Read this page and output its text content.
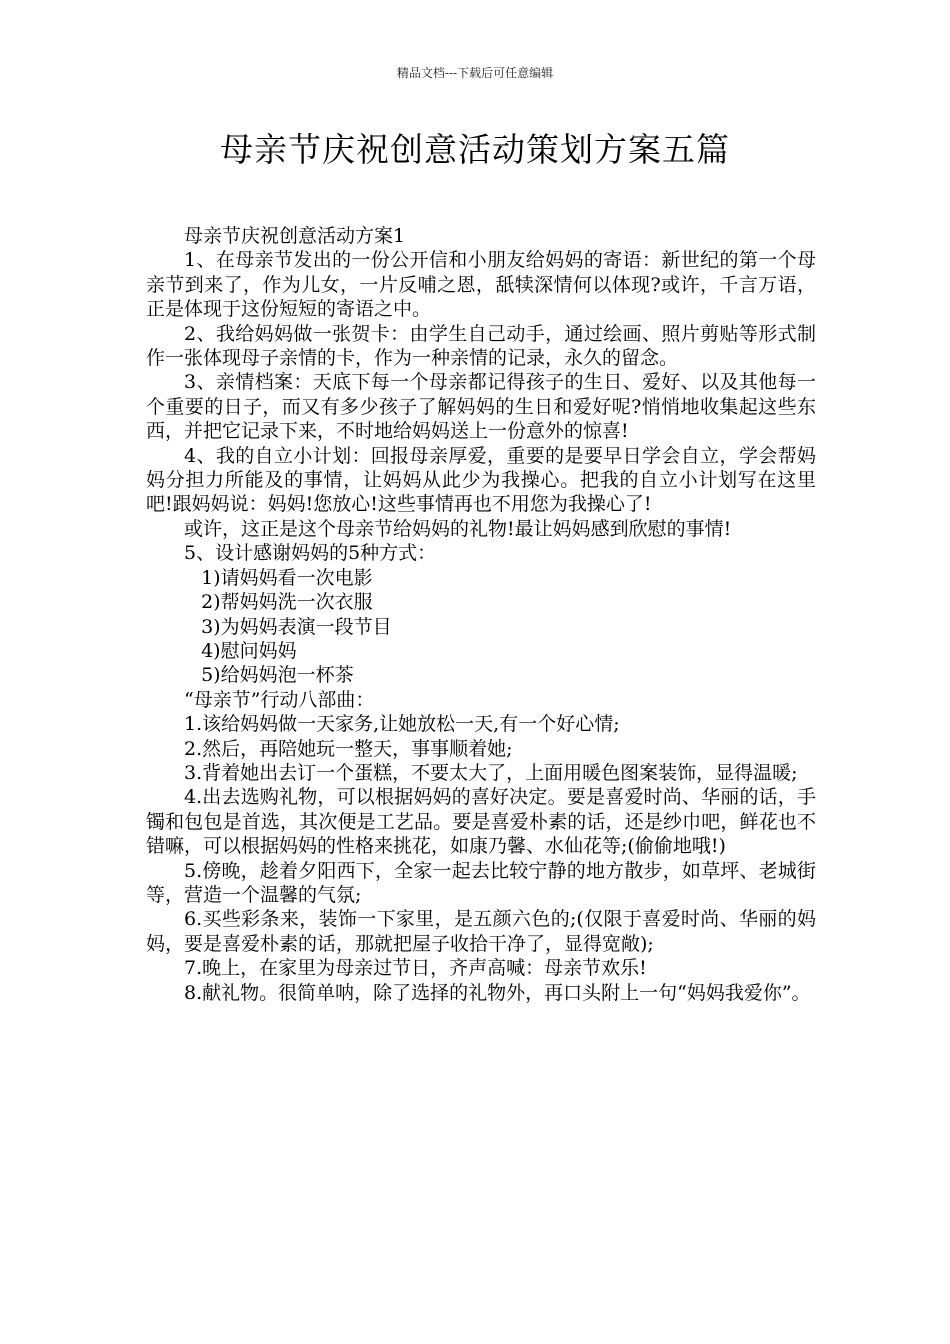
精品文档---下载后可任意编辑
母亲节庆祝创意活动策划方案五篇

母亲节庆祝创意活动方案1

1、在母亲节发出的一份公开信和小朋友给妈妈的寄语：新世纪的第一个母亲节到来了，作为儿女，一片反哺之恩，舐犊深情何以体现?或许，千言万语，正是体现于这份短短的寄语之中。

2、我给妈妈做一张贺卡：由学生自己动手，通过绘画、照片剪贴等形式制作一张体现母子亲情的卡，作为一种亲情的记录，永久的留念。

3、亲情档案：天底下每一个母亲都记得孩子的生日、爱好、以及其他每一个重要的日子，而又有多少孩子了解妈妈的生日和爱好呢?悄悄地收集起这些东西，并把它记录下来，不时地给妈妈送上一份意外的惊喜!

4、我的自立小计划：回报母亲厚爱，重要的是要早日学会自立，学会帮妈妈分担力所能及的事情，让妈妈从此少为我操心。把我的自立小计划写在这里吧!跟妈妈说：妈妈!您放心!这些事情再也不用您为我操心了!

或许，这正是这个母亲节给妈妈的礼物!最让妈妈感到欣慰的事情!

5、设计感谢妈妈的5种方式：

1)请妈妈看一次电影

2)帮妈妈洗一次衣服

3)为妈妈表演一段节目

4)慰问妈妈

5)给妈妈泡一杯茶

“母亲节”行动八部曲：

1.该给妈妈做一天家务,让她放松一天,有一个好心情;

2.然后，再陪她玩一整天，事事顺着她;

3.背着她出去订一个蛋糕，不要太大了，上面用暖色图案装饰，显得温暖;

4.出去选购礼物，可以根据妈妈的喜好决定。要是喜爱时尚、华丽的话，手镯和包包是首选，其次便是工艺品。要是喜爱朴素的话，还是纱巾吧，鲜花也不错嘛，可以根据妈妈的性格来挑花，如康乃馨、水仙花等;(偷偷地哦!)

5.傍晚，趁着夕阳西下，全家一起去比较宁静的地方散步，如草坪、老城街等，营造一个温馨的气氛;

6.买些彩条来，装饰一下家里，是五颜六色的;(仅限于喜爱时尚、华丽的妈妈，要是喜爱朴素的话，那就把屋子收拾干净了，显得宽敞);

7.晚上，在家里为母亲过节日，齐声高喊：母亲节欢乐!

8.献礼物。很简单呐，除了选择的礼物外，再口头附上一句“妈妈我爱你”。
